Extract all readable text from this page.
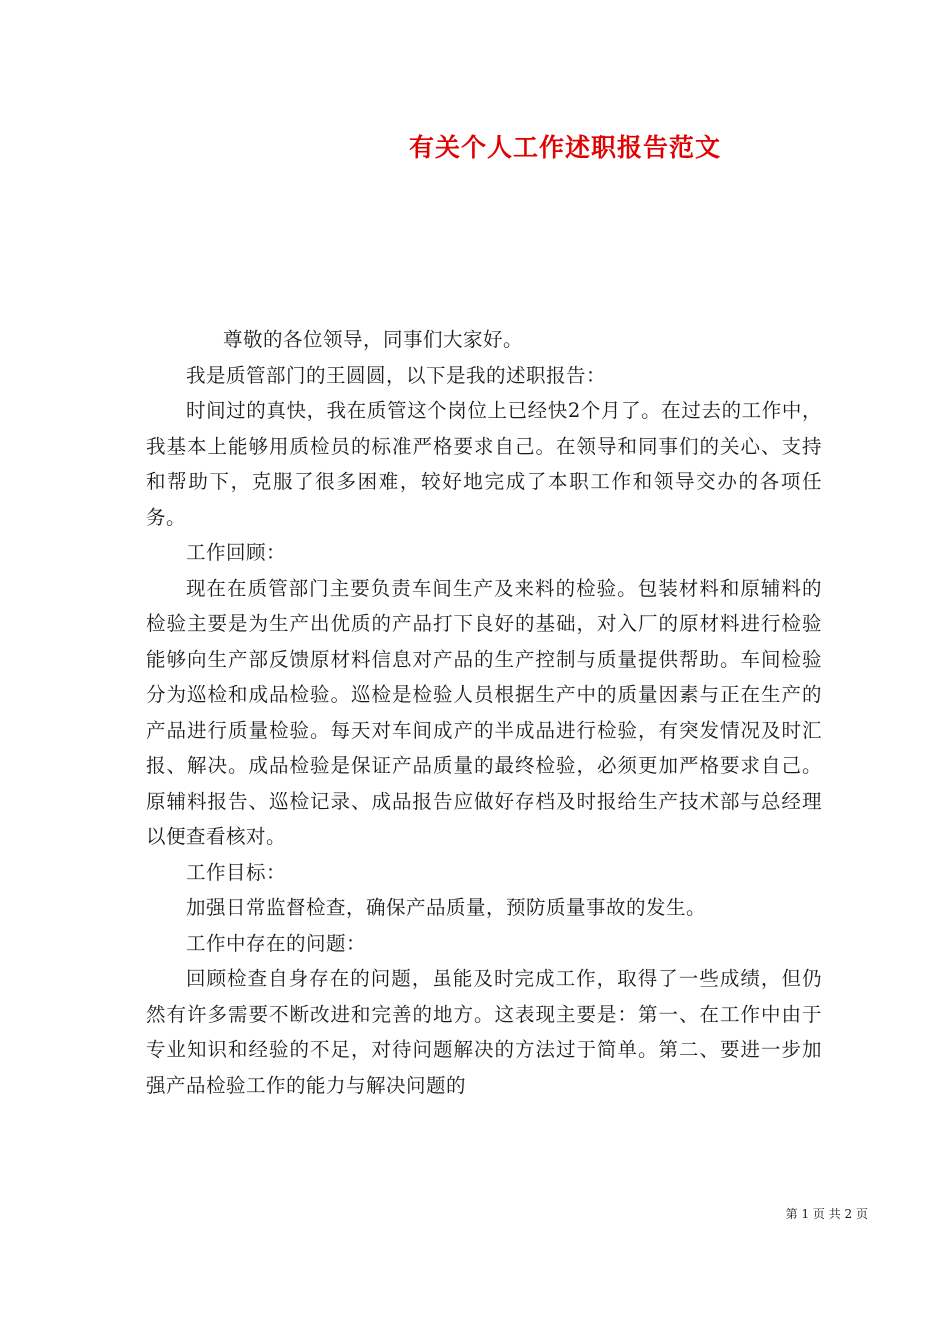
有关个人工作述职报告范文

尊敬的各位领导，同事们大家好。

我是质管部门的王圆圆，以下是我的述职报告：

时间过的真快，我在质管这个岗位上已经快2个月了。在过去的工作中，我基本上能够用质检员的标准严格要求自己。在领导和同事们的关心、支持和帮助下，克服了很多困难，较好地完成了本职工作和领导交办的各项任务。

工作回顾：

现在在质管部门主要负责车间生产及来料的检验。包装材料和原辅料的检验主要是为生产出优质的产品打下良好的基础，对入厂的原材料进行检验能够向生产部反馈原材料信息对产品的生产控制与质量提供帮助。车间检验分为巡检和成品检验。巡检是检验人员根据生产中的质量因素与正在生产的产品进行质量检验。每天对车间成产的半成品进行检验，有突发情况及时汇报、解决。成品检验是保证产品质量的最终检验，必须更加严格要求自己。原辅料报告、巡检记录、成品报告应做好存档及时报给生产技术部与总经理以便查看核对。

工作目标：

加强日常监督检查，确保产品质量，预防质量事故的发生。

工作中存在的问题：

回顾检查自身存在的问题，虽能及时完成工作，取得了一些成绩，但仍然有许多需要不断改进和完善的地方。这表现主要是：第一、在工作中由于专业知识和经验的不足，对待问题解决的方法过于简单。第二、要进一步加强产品检验工作的能力与解决问题的

第 1 页 共 2 页
